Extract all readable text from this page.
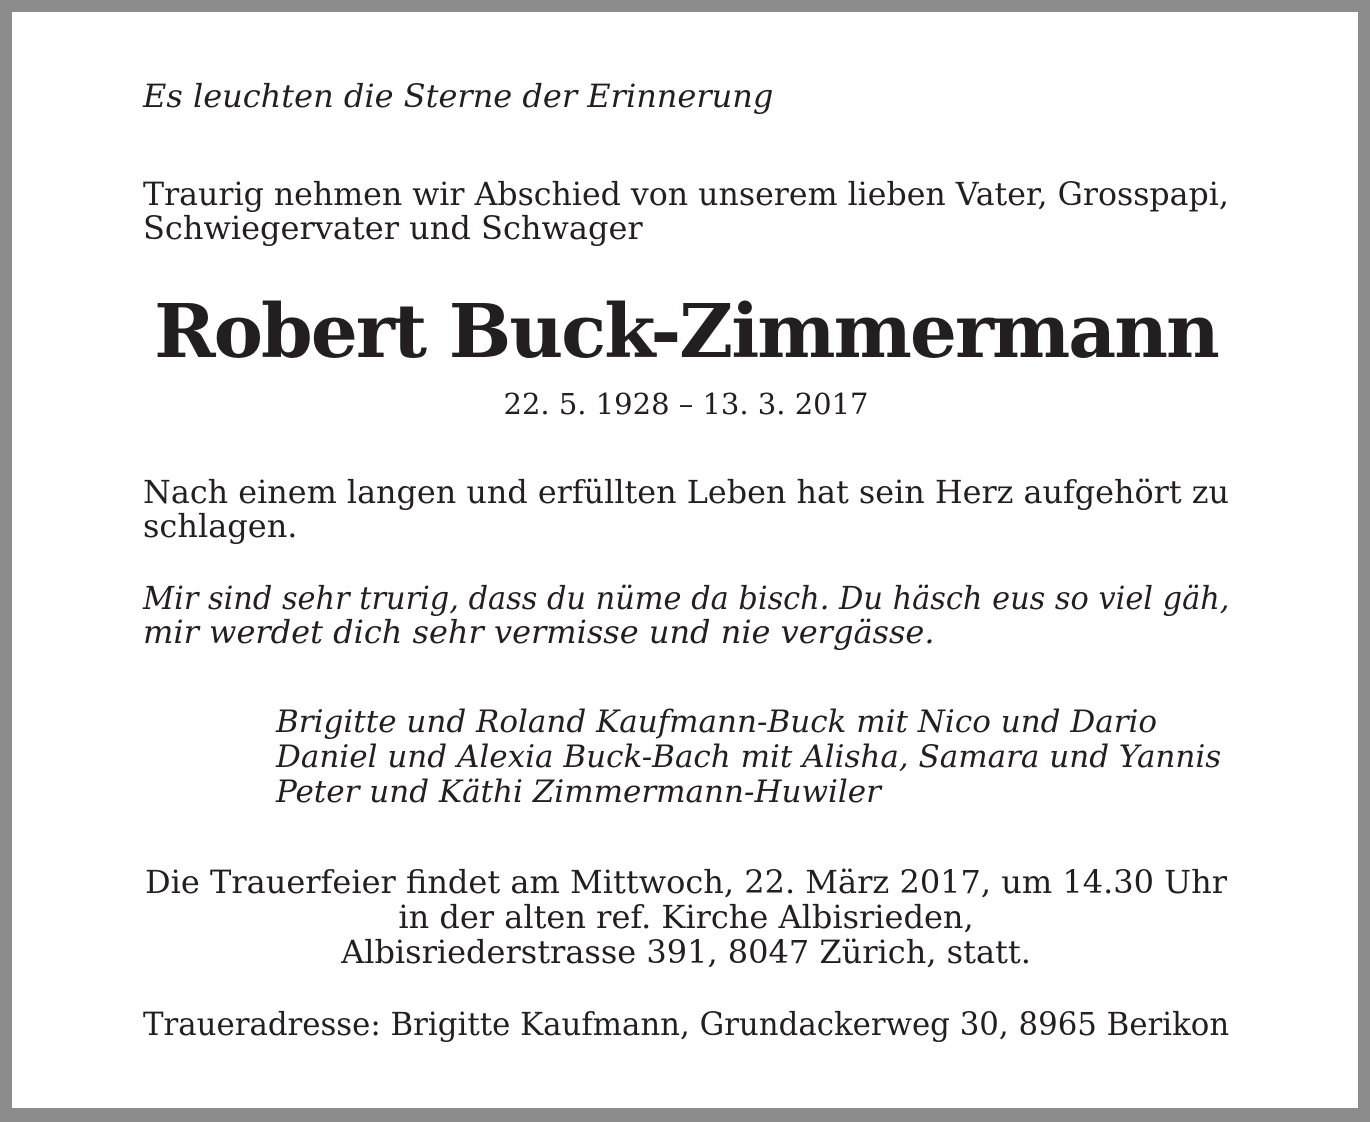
Es leuchten die Sterne der Erinnerung
Traurig nehmen wir Abschied von unserem lieben Vater, Grosspapi,
Schwiegervater und Schwager
Robert Buck-Zimmermann
22. 5. 1928 – 13. 3. 2017
Nach einem langen und erfüllten Leben hat sein Herz aufgehört zu
schlagen.
Mir sind sehr trurig, dass du nüme da bisch. Du häsch eus so viel gäh,
mir werdet dich sehr vermisse und nie vergässe.
Brigitte und Roland Kaufmann-Buck mit Nico und Dario
Daniel und Alexia Buck-Bach mit Alisha, Samara und Yannis
Peter und Käthi Zimmermann-Huwiler
Die Trauerfeier findet am Mittwoch, 22. März 2017, um 14.30 Uhr
in der alten ref. Kirche Albisrieden,
Albisriederstrasse 391, 8047 Zürich, statt.
Traueradresse: Brigitte Kaufmann, Grundackerweg 30, 8965 Berikon
